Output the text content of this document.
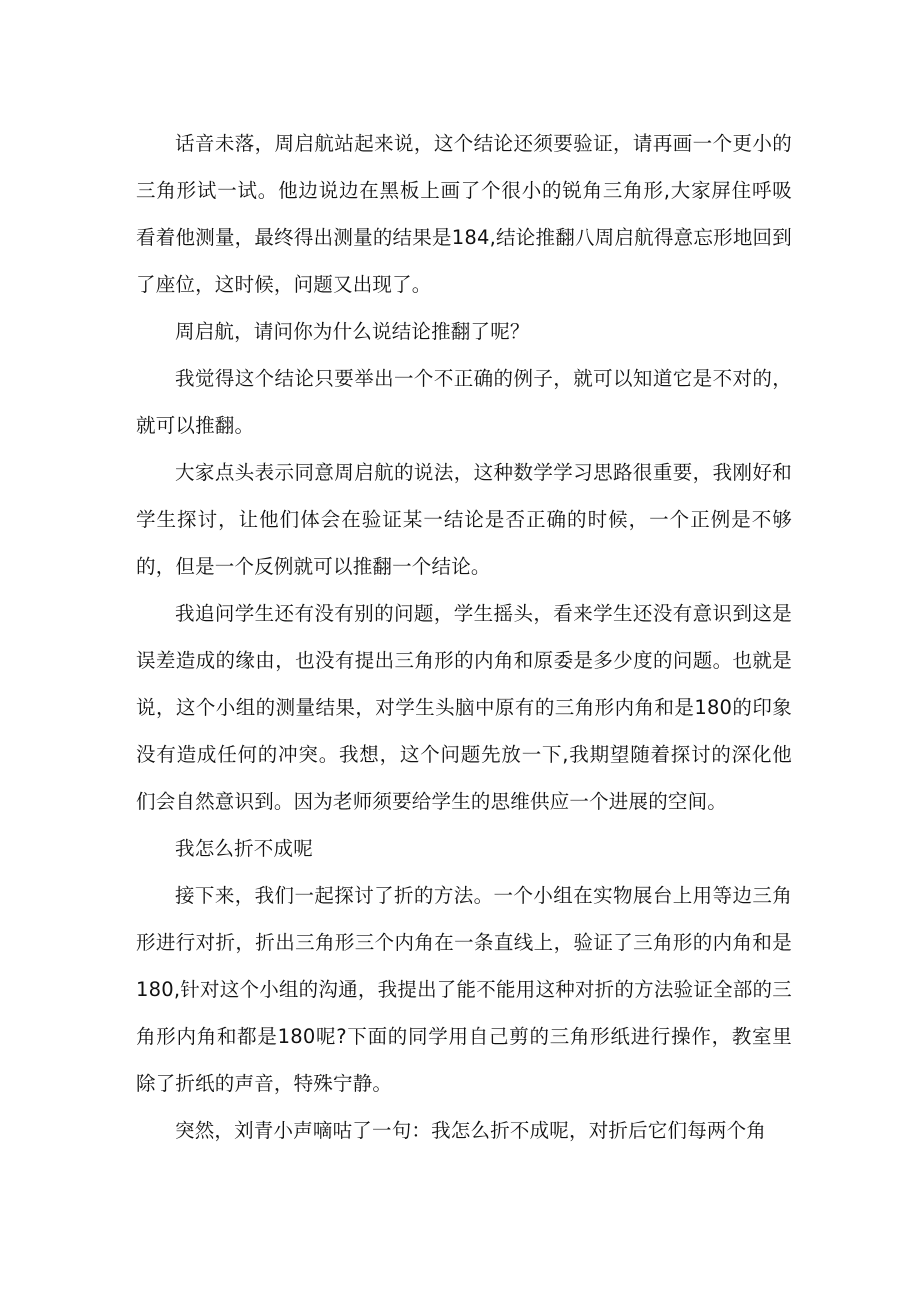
话音未落，周启航站起来说，这个结论还须要验证，请再画一个更小的三角形试一试。他边说边在黑板上画了个很小的锐角三角形,大家屏住呼吸看着他测量，最终得出测量的结果是184,结论推翻八周启航得意忘形地回到了座位，这时候，问题又出现了。

周启航，请问你为什么说结论推翻了呢？

我觉得这个结论只要举出一个不正确的例子，就可以知道它是不对的，就可以推翻。

大家点头表示同意周启航的说法，这种数学学习思路很重要，我刚好和学生探讨，让他们体会在验证某一结论是否正确的时候，一个正例是不够的，但是一个反例就可以推翻一个结论。

我追问学生还有没有别的问题，学生摇头，看来学生还没有意识到这是误差造成的缘由，也没有提出三角形的内角和原委是多少度的问题。也就是说，这个小组的测量结果，对学生头脑中原有的三角形内角和是180的印象没有造成任何的冲突。我想，这个问题先放一下,我期望随着探讨的深化他们会自然意识到。因为老师须要给学生的思维供应一个进展的空间。

我怎么折不成呢

接下来，我们一起探讨了折的方法。一个小组在实物展台上用等边三角形进行对折，折出三角形三个内角在一条直线上，验证了三角形的内角和是180,针对这个小组的沟通，我提出了能不能用这种对折的方法验证全部的三角形内角和都是180呢?下面的同学用自己剪的三角形纸进行操作，教室里除了折纸的声音，特殊宁静。

突然，刘青小声嘀咕了一句：我怎么折不成呢，对折后它们每两个角
